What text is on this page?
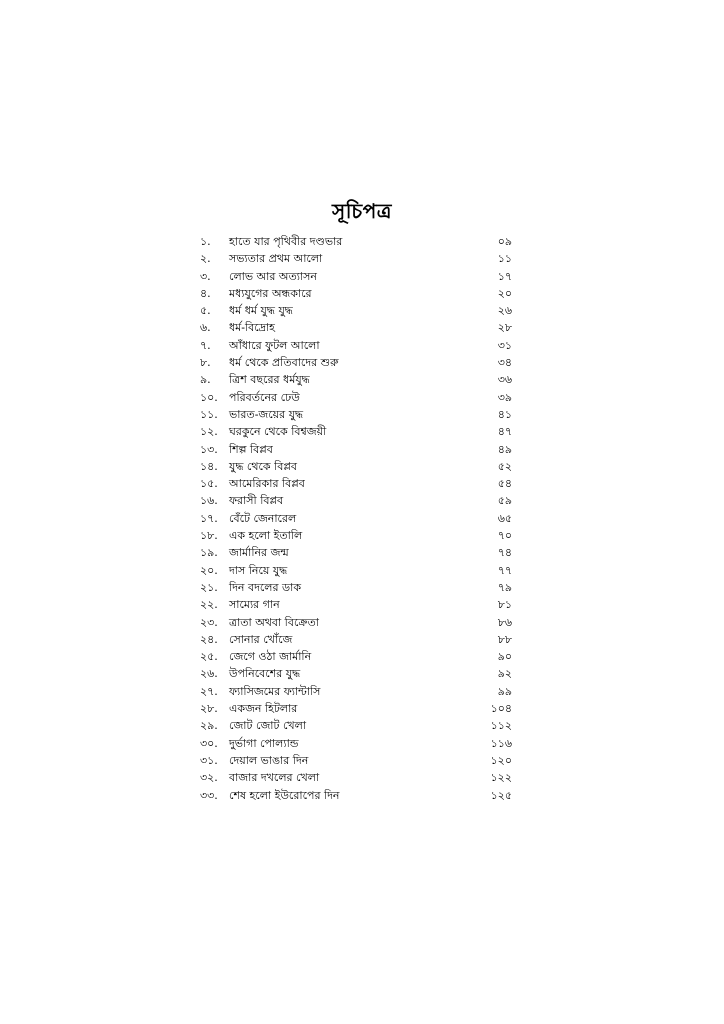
সূচিপত্র
১.	হাতে যার পৃথিবীর দণ্ডভার	০৯
২.	সভ্যতার প্রথম আলো	১১
৩.	লোভ আর অত্যাসন	১৭
৪.	মধ্যযুগের অন্ধকারে	২০
৫.	ধর্ম ধর্ম যুদ্ধ যুদ্ধ	২৬
৬.	ধর্ম-বিদ্রোহ	২৮
৭.	আঁধারে ফুটল আলো	৩১
৮.	ধর্ম থেকে প্রতিবাদের শুরু	৩৪
৯.	ত্রিশ বছরের ধর্মযুদ্ধ	৩৬
১০.	পরিবর্তনের ঢেউ	৩৯
১১.	ভারত-জয়ের যুদ্ধ	৪১
১২.	ঘরকুনে থেকে বিশ্বজয়ী	৪৭
১৩.	শিল্প বিপ্লব	৪৯
১৪.	যুদ্ধ থেকে বিপ্লব	৫২
১৫.	আমেরিকার বিপ্লব	৫৪
১৬.	ফরাসী বিপ্লব	৫৯
১৭.	বেঁটে জেনারেল	৬৫
১৮.	এক হলো ইতালি	৭০
১৯.	জার্মানির জন্ম	৭৪
২০.	দাস নিয়ে যুদ্ধ	৭৭
২১.	দিন বদলের ডাক	৭৯
২২.	সাম্যের গান	৮১
২৩.	ত্রাতা অথবা বিক্রেতা	৮৬
২৪.	সোনার খোঁজে	৮৮
২৫.	জেগে ওঠা জার্মানি	৯০
২৬.	উপনিবেশের যুদ্ধ	৯২
২৭.	ফ্যাসিজমের ফ্যান্টাসি	৯৯
২৮.	একজন হিটলার	১০৪
২৯.	জোট জোট খেলা	১১২
৩০.	দুর্ভাগা পোল্যান্ড	১১৬
৩১.	দেয়াল ভাঙার দিন	১২০
৩২.	বাজার দখলের খেলা	১২২
৩৩.	শেষ হলো ইউরোপের দিন	১২৫
